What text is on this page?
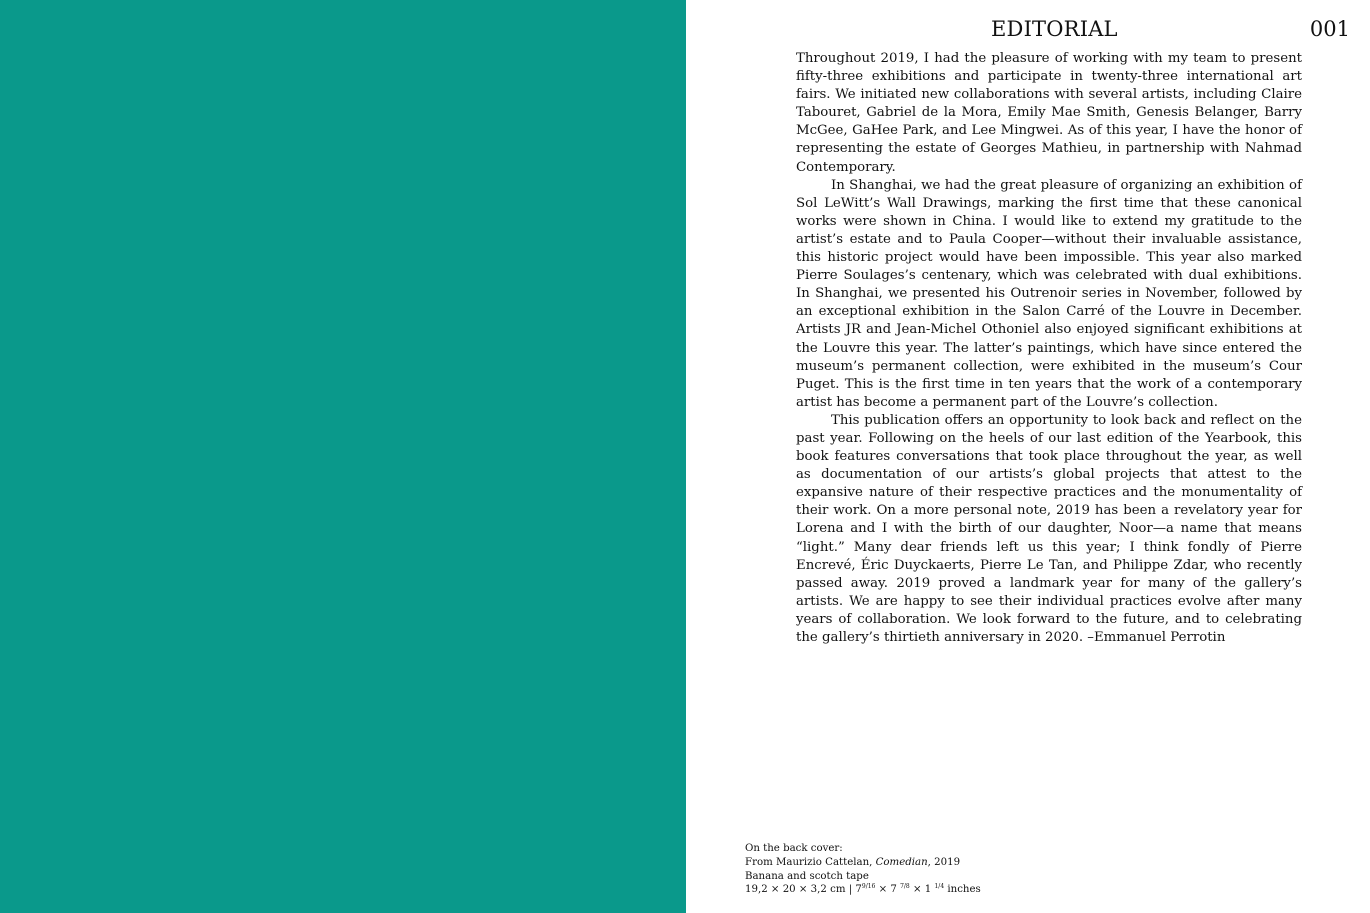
EDITORIAL	001

Throughout 2019, I had the pleasure of working with my team to present fifty-three exhibitions and participate in twenty-three international art fairs. We initiated new collaborations with several artists, including Claire Tabouret, Gabriel de la Mora, Emily Mae Smith, Genesis Belanger, Barry McGee, GaHee Park, and Lee Mingwei. As of this year, I have the honor of representing the estate of Georges Mathieu, in partnership with Nahmad Contemporary.

In Shanghai, we had the great pleasure of organizing an exhibition of Sol LeWitt’s Wall Drawings, marking the first time that these canonical works were shown in China. I would like to extend my gratitude to the artist’s estate and to Paula Cooper—without their invaluable assistance, this historic project would have been impossible. This year also marked Pierre Soulages’s centenary, which was celebrated with dual exhibitions. In Shanghai, we presented his Outrenoir series in November, followed by an exceptional exhibition in the Salon Carré of the Louvre in December. Artists JR and Jean-Michel Othoniel also enjoyed significant exhibitions at the Louvre this year. The latter’s paintings, which have since entered the museum’s permanent collection, were exhibited in the museum’s Cour Puget. This is the first time in ten years that the work of a contemporary artist has become a permanent part of the Louvre’s collection.

This publication offers an opportunity to look back and reflect on the past year. Following on the heels of our last edition of the Yearbook, this book features conversations that took place throughout the year, as well as documentation of our artists’s global projects that attest to the expansive nature of their respective practices and the monumentality of their work. On a more personal note, 2019 has been a revelatory year for Lorena and I with the birth of our daughter, Noor—a name that means “light.” Many dear friends left us this year; I think fondly of Pierre Encrevé, Éric Duyckaerts, Pierre Le Tan, and Philippe Zdar, who recently passed away. 2019 proved a landmark year for many of the gallery’s artists. We are happy to see their individual practices evolve after many years of collaboration. We look forward to the future, and to celebrating the gallery’s thirtieth anniversary in 2020. –Emmanuel Perrotin

On the back cover:
From Maurizio Cattelan, Comedian, 2019
Banana and scotch tape
19,2 × 20 × 3,2 cm | $7^{9/16} \times 7$ $^{7/8}$ × 1 $^{1/4}$ inches
